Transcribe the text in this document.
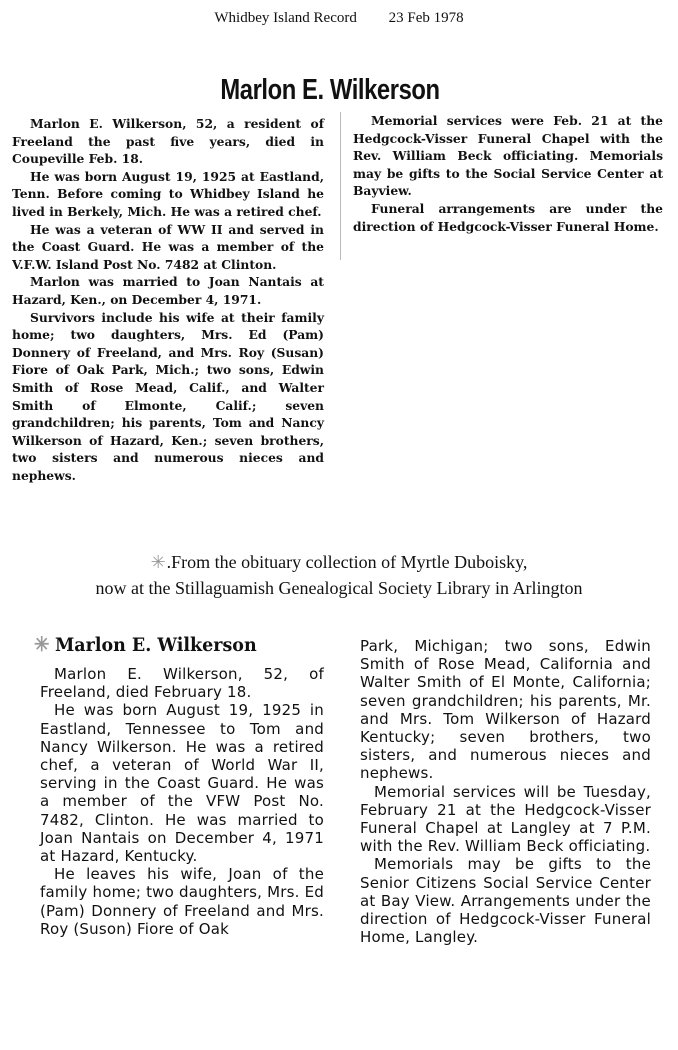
Whidbey Island Record 23 Feb 1978
Marlon E. Wilkerson

Marlon E. Wilkerson, 52, a resident of Freeland the past five years, died in Coupeville Feb. 18.

He was born August 19, 1925 at Eastland, Tenn. Before coming to Whidbey Island he lived in Berkely, Mich. He was a retired chef.

He was a veteran of WW II and served in the Coast Guard. He was a member of the V.F.W. Island Post No. 7482 at Clinton.

Marlon was married to Joan Nantais at Hazard, Ken., on December 4, 1971.

Survivors include his wife at their family home; two daughters, Mrs. Ed (Pam) Donnery of Freeland, and Mrs. Roy (Susan) Fiore of Oak Park, Mich.; two sons, Edwin Smith of Rose Mead, Calif., and Walter Smith of Elmonte, Calif.; seven grandchildren; his parents, Tom and Nancy Wilkerson of Hazard, Ken.; seven brothers, two sisters and numerous nieces and nephews.

Memorial services were Feb. 21 at the Hedgcock-Visser Funeral Chapel with the Rev. William Beck officiating. Memorials may be gifts to the Social Service Center at Bayview.

Funeral arrangements are under the direction of Hedgcock-Visser Funeral Home.

✳.From the obituary collection of Myrtle Duboisky,
now at the Stillaguamish Genealogical Society Library in Arlington
✳ Marlon E. Wilkerson

Marlon E. Wilkerson, 52, of Freeland, died February 18.

He was born August 19, 1925 in Eastland, Tennessee to Tom and Nancy Wilkerson. He was a retired chef, a veteran of World War II, serving in the Coast Guard. He was a member of the VFW Post No. 7482, Clinton. He was married to Joan Nantais on December 4, 1971 at Hazard, Kentucky.

He leaves his wife, Joan of the family home; two daughters, Mrs. Ed (Pam) Donnery of Freeland and Mrs. Roy (Suson) Fiore of Oak

Park, Michigan; two sons, Edwin Smith of Rose Mead, California and Walter Smith of El Monte, California; seven grandchildren; his parents, Mr. and Mrs. Tom Wilkerson of Hazard Kentucky; seven brothers, two sisters, and numerous nieces and nephews.

Memorial services will be Tuesday, February 21 at the Hedgcock-Visser Funeral Chapel at Langley at 7 P.M. with the Rev. William Beck officiating.

Memorials may be gifts to the Senior Citizens Social Service Center at Bay View. Arrangements under the direction of Hedgcock-Visser Funeral Home, Langley.
